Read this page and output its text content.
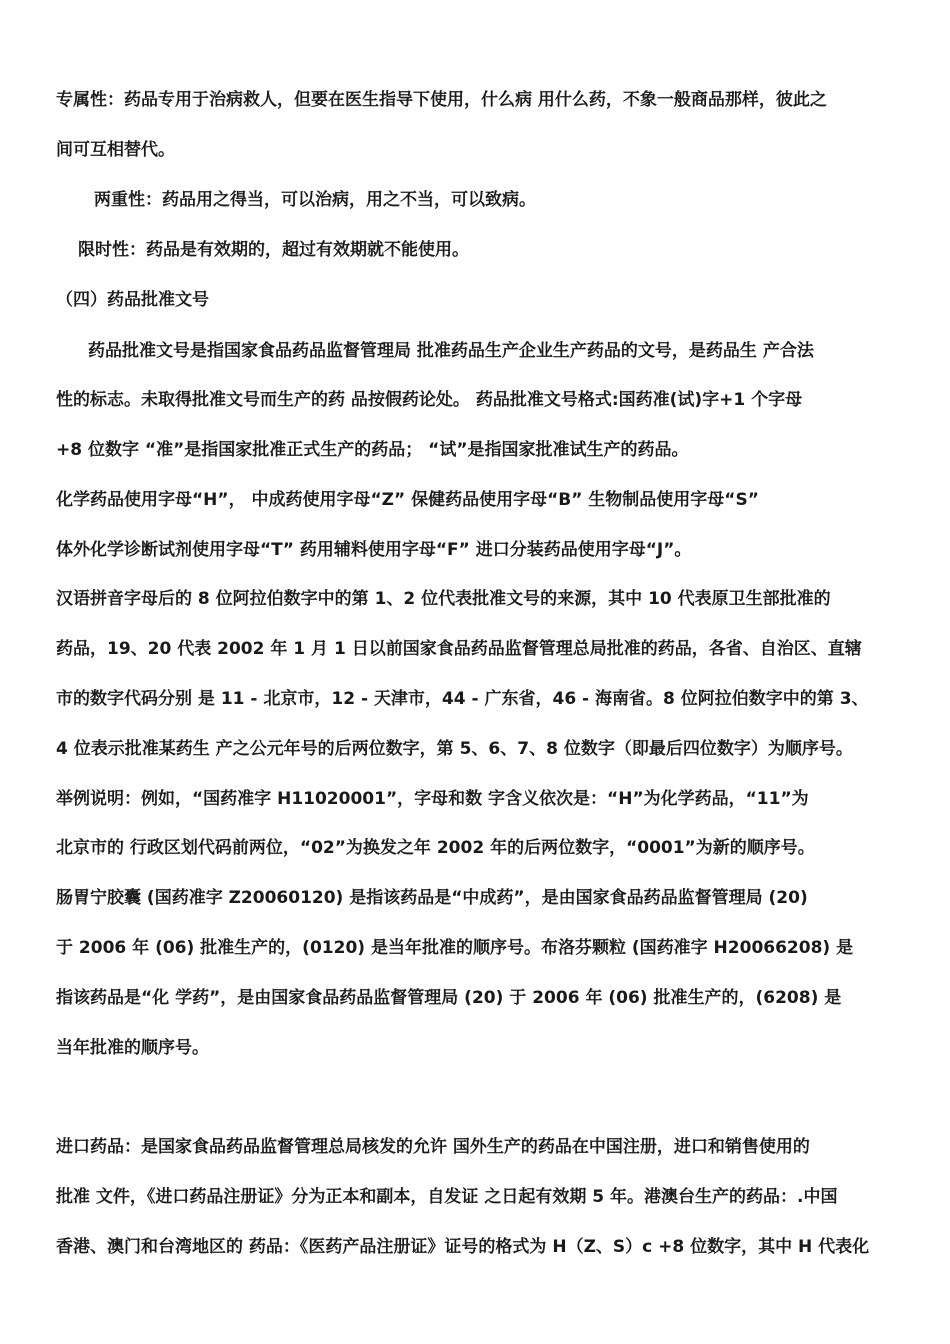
专属性：药品专用于治病救人，但要在医生指导下使用，什么病 用什么药，不象一般商品那样，彼此之
间可互相替代。
两重性：药品用之得当，可以治病，用之不当，可以致病。
限时性：药品是有效期的，超过有效期就不能使用。
（四）药品批准文号
药品批准文号是指国家食品药品监督管理局 批准药品生产企业生产药品的文号，是药品生 产合法
性的标志。未取得批准文号而生产的药 品按假药论处。 药品批准文号格式:国药准(试)字+1 个字母
+8 位数字 “准”是指国家批准正式生产的药品； “试”是指国家批准试生产的药品。
化学药品使用字母“H”， 中成药使用字母“Z” 保健药品使用字母“B” 生物制品使用字母“S”
体外化学诊断试剂使用字母“T” 药用辅料使用字母“F” 进口分装药品使用字母“J”。
汉语拼音字母后的 8 位阿拉伯数字中的第 1、2 位代表批准文号的来源，其中 10 代表原卫生部批准的
药品，19、20 代表 2002 年 1 月 1 日以前国家食品药品监督管理总局批准的药品，各省、自治区、直辖
市的数字代码分别 是 11 - 北京市，12 - 天津市，44 - 广东省，46 - 海南省。8 位阿拉伯数字中的第 3、
4 位表示批准某药生 产之公元年号的后两位数字，第 5、6、7、8 位数字（即最后四位数字）为顺序号。
举例说明：例如，“国药准字 H11020001”，字母和数 字含义依次是：“H”为化学药品，“11”为
北京市的 行政区划代码前两位，“02”为换发之年 2002 年的后两位数字，“0001”为新的顺序号。
肠胃宁胶囊 (国药准字 Z20060120) 是指该药品是“中成药”，是由国家食品药品监督管理局 (20)
于 2006 年 (06) 批准生产的，(0120) 是当年批准的顺序号。布洛芬颗粒 (国药准字 H20066208) 是
指该药品是“化 学药”，是由国家食品药品监督管理局 (20) 于 2006 年 (06) 批准生产的，(6208) 是
当年批准的顺序号。
进口药品：是国家食品药品监督管理总局核发的允许 国外生产的药品在中国注册，进口和销售使用的
批准 文件，《进口药品注册证》分为正本和副本，自发证 之日起有效期 5 年。港澳台生产的药品：.中国
香港、澳门和台湾地区的 药品：《医药产品注册证》证号的格式为 H（Z、S）c +8 位数字，其中 H 代表化
